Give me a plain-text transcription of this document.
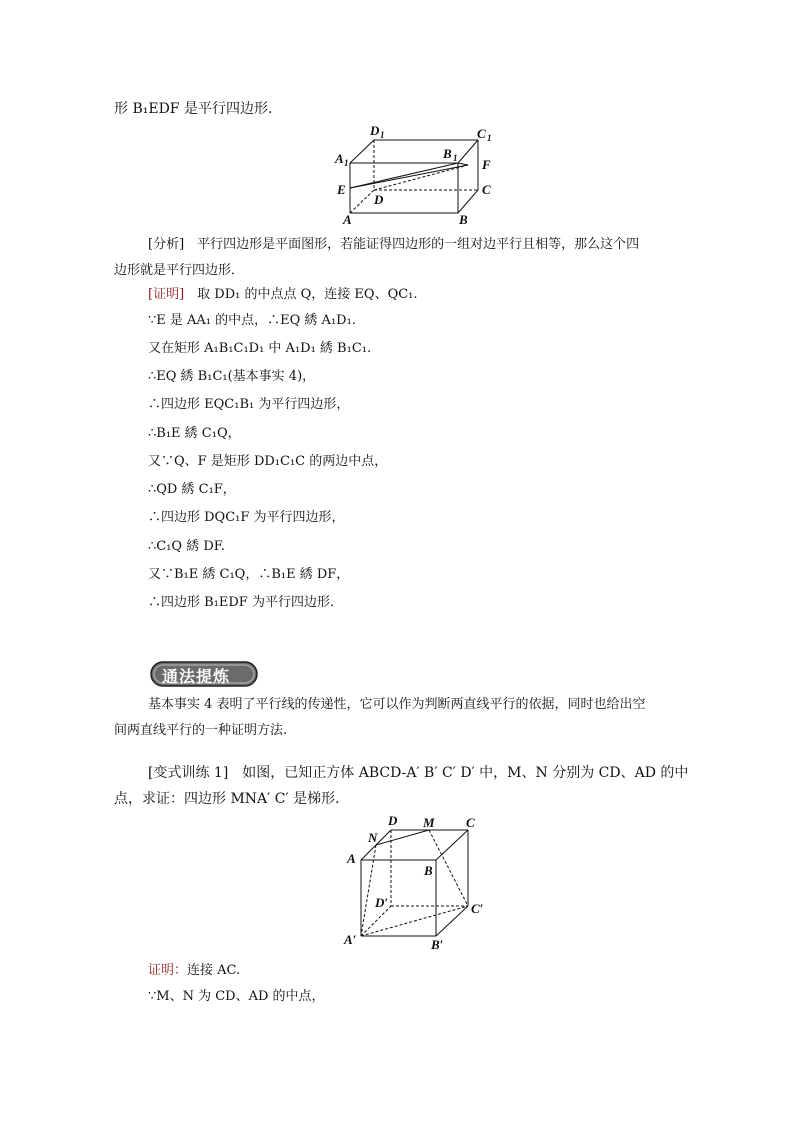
形 B₁EDF 是平行四边形．
D 1	C 1
A 1
B 1 F
E	C
D
A	B
[分析]　平行四边形是平面图形，若能证得四边形的一组对边平行且相等，那么这个四
边形就是平行四边形．
[证明]　 取 DD₁ 的中点点 Q，连接 EQ、QC₁.
∵E 是 AA₁ 的中点，∴EQ 綉 A₁D₁.
又在矩形 A₁B₁C₁D₁ 中 A₁D₁ 綉 B₁C₁.
∴EQ 綉 B₁C₁(基本事实 4)，
∴四边形 EQC₁B₁ 为平行四边形，
∴B₁E 綉 C₁Q，
又∵Q、F 是矩形 DD₁C₁C 的两边中点，
∴QD 綉 C₁F，
∴四边形 DQC₁F 为平行四边形，
∴C₁Q 綉 DF.
又∵B₁E 綉 C₁Q，∴B₁E 綉 DF，
∴四边形 B₁EDF 为平行四边形．
通法提炼
基本事实 4 表明了平行线的传递性，它可以作为判断两直线平行的依据，同时也给出空
间两直线平行的一种证明方法.
[变式训练 1]　如图，已知正方体 ABCD-A′ B′ C′ D′ 中，M、N 分别为 CD、AD 的中
点，求证：四边形 MNA′ C′ 是梯形．
D M C
N
A
B
D′	C′
A′	B′
证明：连接 AC.
∵M、N 为 CD、AD 的中点，
